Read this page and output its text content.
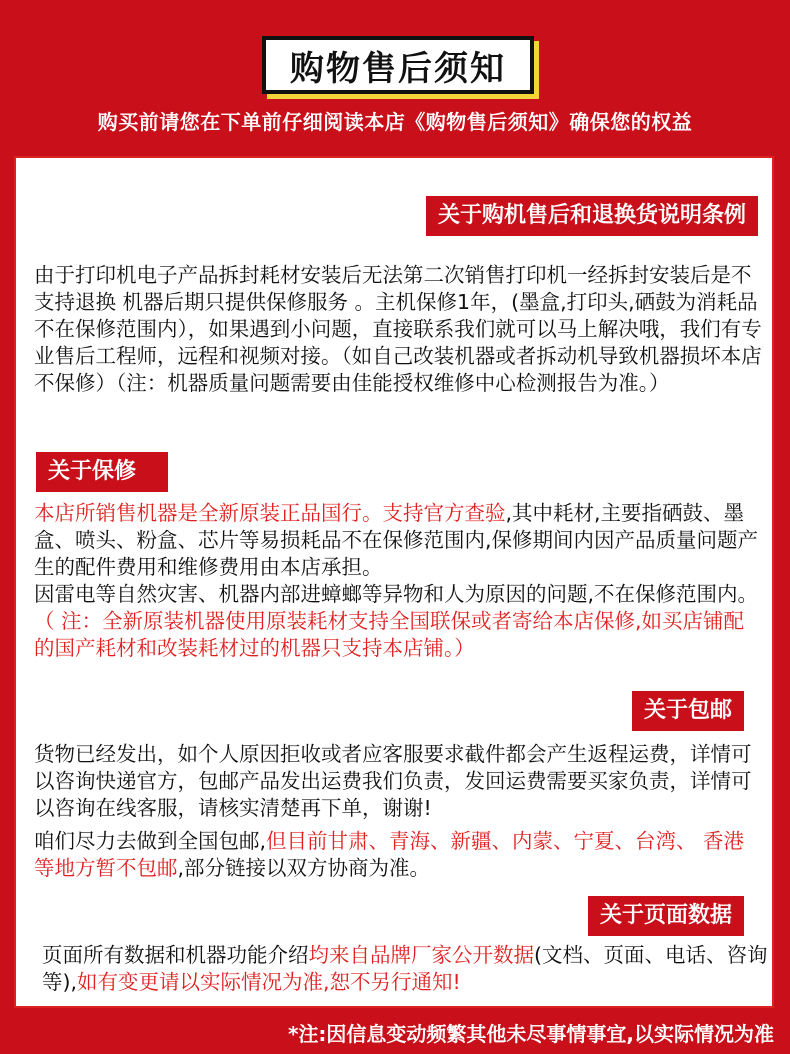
购物售后须知
购买前请您在下单前仔细阅读本店《购物售后须知》确保您的权益
关于购机售后和退换货说明条例
由于打印机电子产品拆封耗材安装后无法第二次销售打印机一经拆封安装后是不支持退换 机器后期只提供保修服务 。主机保修1年，(墨盒,打印头,硒鼓为消耗品不在保修范围内），如果遇到小问题，直接联系我们就可以马上解决哦，我们有专业售后工程师，远程和视频对接。（如自己改装机器或者拆动机导致机器损坏本店不保修）（注：机器质量问题需要由佳能授权维修中心检测报告为准。）
关于保修
本店所销售机器是全新原装正品国行。支持官方查验,其中耗材,主要指硒鼓、墨盒、喷头、粉盒、芯片等易损耗品不在保修范围内,保修期间内因产品质量问题产生的配件费用和维修费用由本店承担。
因雷电等自然灾害、机器内部进蟑螂等异物和人为原因的问题,不在保修范围内。
（ 注：全新原装机器使用原装耗材支持全国联保或者寄给本店保修,如买店铺配的国产耗材和改装耗材过的机器只支持本店铺。）
关于包邮
货物已经发出，如个人原因拒收或者应客服要求截件都会产生返程运费，详情可以咨询快递官方，包邮产品发出运费我们负责，发回运费需要买家负责，详情可以咨询在线客服，请核实清楚再下单，谢谢!
咱们尽力去做到全国包邮,但目前甘肃、青海、新疆、内蒙、宁夏、台湾、 香港等地方暂不包邮,部分链接以双方协商为准。
关于页面数据
页面所有数据和机器功能介绍均来自品牌厂家公开数据(文档、页面、电话、咨询等),如有变更请以实际情况为准,恕不另行通知!
*注:因信息变动频繁其他未尽事情事宜,以实际情况为准
